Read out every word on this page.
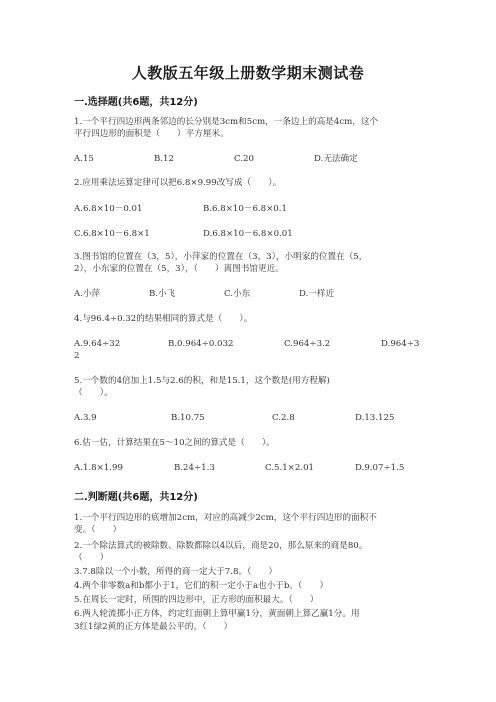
人教版五年级上册数学期末测试卷
一.选择题(共6题，共12分)
1.一个平行四边形两条邻边的长分别是3cm和5cm，一条边上的高是4cm，这个
平行四边形的面积是（　　）平方厘米。
A.15	B.12	C.20	D.无法确定
2.应用乘法运算定律可以把6.8×9.99改写成（　　）。
A.6.8×10－0.01	B.6.8×10－6.8×0.1
C.6.8×10－6.8×1	D.6.8×10－6.8×0.01
3.图书馆的位置在（3，5），小萍家的位置在（3，3），小明家的位置在（5，
2），小东家的位置在（5，3），（　　）离图书馆更近。
A.小萍	B.小飞	C.小东	D.一样近
4.与96.4÷0.32的结果相同的算式是（　　）。
A.9.64÷32	B.0.964÷0.032	C.964÷3.2	D.964÷3
2
5.一个数的4倍加上1.5与2.6的积，和是15.1，这个数是(用方程解)
（　　）。
A.3.9	B.10.75	C.2.8	D.13.125
6.估一估，计算结果在5～10之间的算式是（　　）。
A.1.8×1.99	B.24÷1.3	C.5.1×2.01	D.9.07÷1.5
二.判断题(共6题，共12分)
1.一个平行四边形的底增加2cm，对应的高减少2cm，这个平行四边形的面积不
变。（　　）
2.一个除法算式的被除数、除数都除以4以后，商是20，那么原来的商是80。
（　　）
3.7.8除以一个小数，所得的商一定大于7.8。（　　）
4.两个非零数a和b都小于1，它们的积一定小于a也小于b。（　　）
5.在周长一定时，所围的四边形中，正方形的面积最大。（　　）
6.两人轮流掷小正方体，约定红面朝上算甲赢1分，黄面朝上算乙赢1分。用
3红1绿2黄的正方体是最公平的。（　　）
